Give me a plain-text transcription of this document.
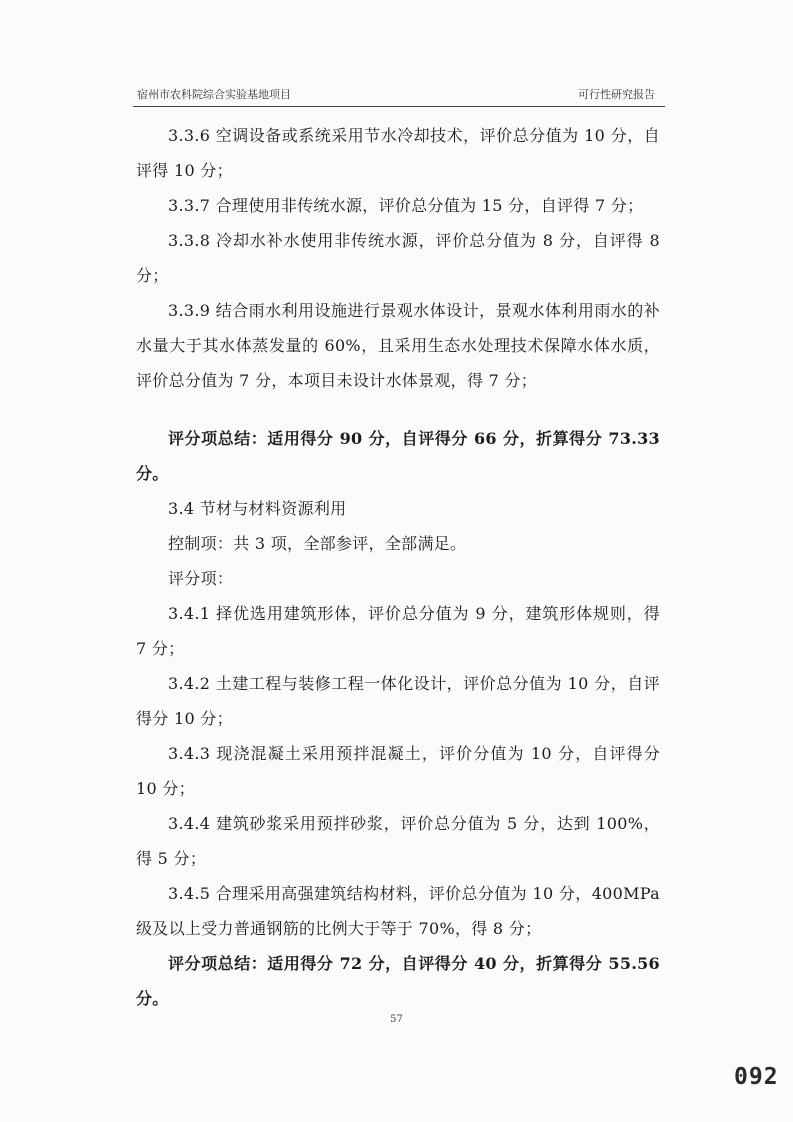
宿州市农科院综合实验基地项目	可行性研究报告

3.3.6 空调设备或系统采用节水冷却技术，评价总分值为 10 分，自评得 10 分；

3.3.7 合理使用非传统水源，评价总分值为 15 分，自评得 7 分；

3.3.8 冷却水补水使用非传统水源，评价总分值为 8 分，自评得 8 分；

3.3.9 结合雨水利用设施进行景观水体设计，景观水体利用雨水的补水量大于其水体蒸发量的 60%，且采用生态水处理技术保障水体水质，评价总分值为 7 分，本项目未设计水体景观，得 7 分；

评分项总结：适用得分 90 分，自评得分 66 分，折算得分 73.33 分。

3.4 节材与材料资源利用

控制项：共 3 项，全部参评，全部满足。

评分项：

3.4.1 择优选用建筑形体，评价总分值为 9 分，建筑形体规则，得 7 分；

3.4.2 土建工程与装修工程一体化设计，评价总分值为 10 分，自评得分 10 分；

3.4.3 现浇混凝土采用预拌混凝土，评价分值为 10 分，自评得分 10 分；

3.4.4 建筑砂浆采用预拌砂浆，评价总分值为 5 分，达到 100%，得 5 分；

3.4.5 合理采用高强建筑结构材料，评价总分值为 10 分，400MPa 级及以上受力普通钢筋的比例大于等于 70%，得 8 分；

评分项总结：适用得分 72 分，自评得分 40 分，折算得分 55.56 分。

57
092
